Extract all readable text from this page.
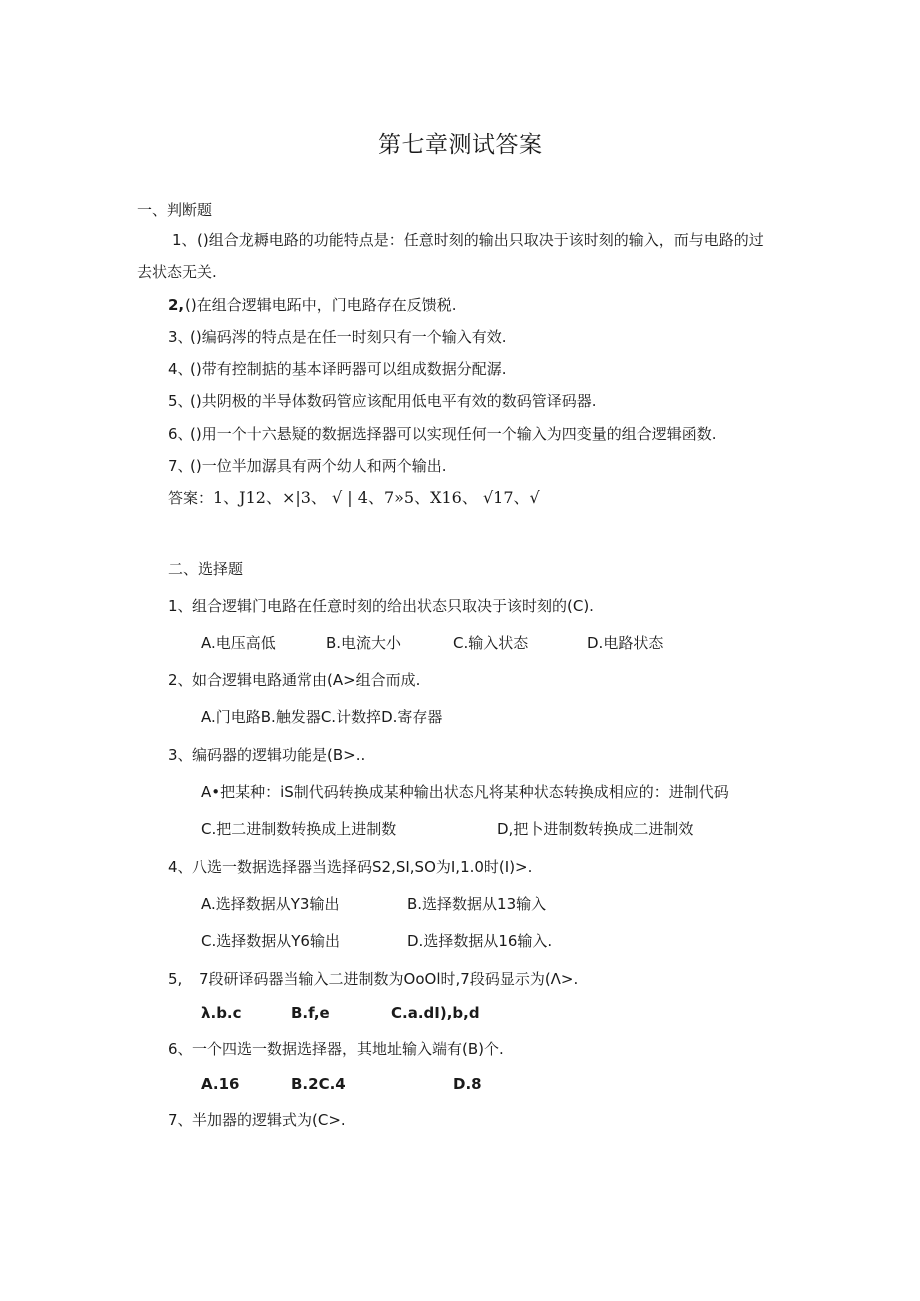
第七章测试答案
一、判断题
1、 ()组合龙耨电路的功能特点是：任意时刻的输出只取决于该时刻的输入，而与电路的过
去状态无关.
2, ()在组合逻辑电跖中，门电路存在反馈税.
3、
()编码涔的特点是在任一时刻只有一个输入有效.
4、
()带有控制掂的基本译眄器可以组成数据分配潺.
5、
()共阴极的半导体数码管应该配用低电平有效的数码管译码器.
6、
()用一个十六悬疑的数据选择器可以实现任何一个输入为四变量的组合逻辑函数.
7、
()一位半加潺具有两个幼人和两个输出.
答案： 1、J12、×|3、 √ | 4、7»5、X16、 √17、√
二、选择题
1、 组合逻辑门电路在任意时刻的给出状态只取决于该时刻的(C).
A.电压高低	B.电流大小	C.输入状态	D.电路状态
2、 如合逻辑电路通常由(A>组合而成.
A.门电路B.触发器C.计数捽D.寄存器
3、 编码器的逻辑功能是(B>..
A•把某种：iS制代码转换成某种输出状态凡将某种状态转换成相应的：进制代码
C.把二进制数转换成上进制数	D,把卜进制数转换成二进制效
4、 八选一数据选择器当选择码S2,SI,SO为I,1.0时(I)>.
A.选择数据从Y3输出	B.选择数据从13输入
C.选择数据从Y6输出	D.选择数据从16输入.
5, 7段研译码器当输入二进制数为OoOl时,7段码显示为(Λ>.
λ.b.c	B.f,e	C.a.dI),b,d
6、 一个四选一数据选择器，其地址输入端有(B)个.
A.16	B.2C.4	D.8
7、 半加器的逻辑式为(C>.
